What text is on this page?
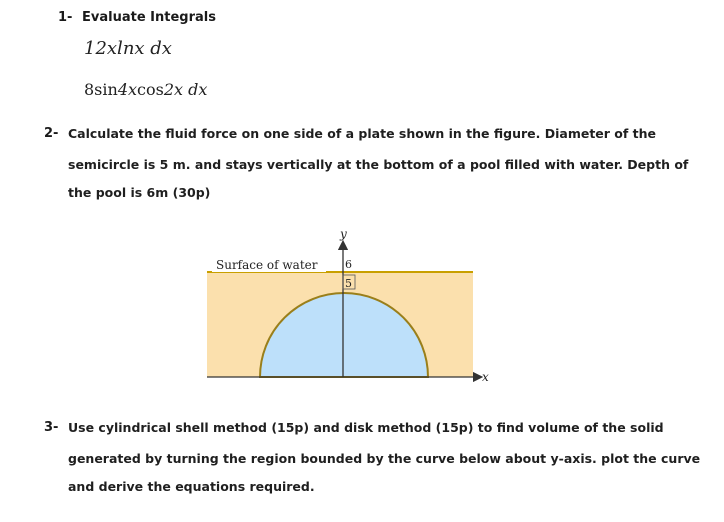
1- Evaluate Integrals
12xlnx dx
8sin4xcos2x dx
2- Calculate the fluid force on one side of a plate shown in the figure. Diameter of the
semicircle is 5 m. and stays vertically at the bottom of a pool filled with water. Depth of
the pool is 6m (30p)
Surface of water	6
5
x
y
3- Use cylindrical shell method (15p) and disk method (15p) to find volume of the solid
generated by turning the region bounded by the curve below about y-axis. plot the curve
and derive the equations required.
